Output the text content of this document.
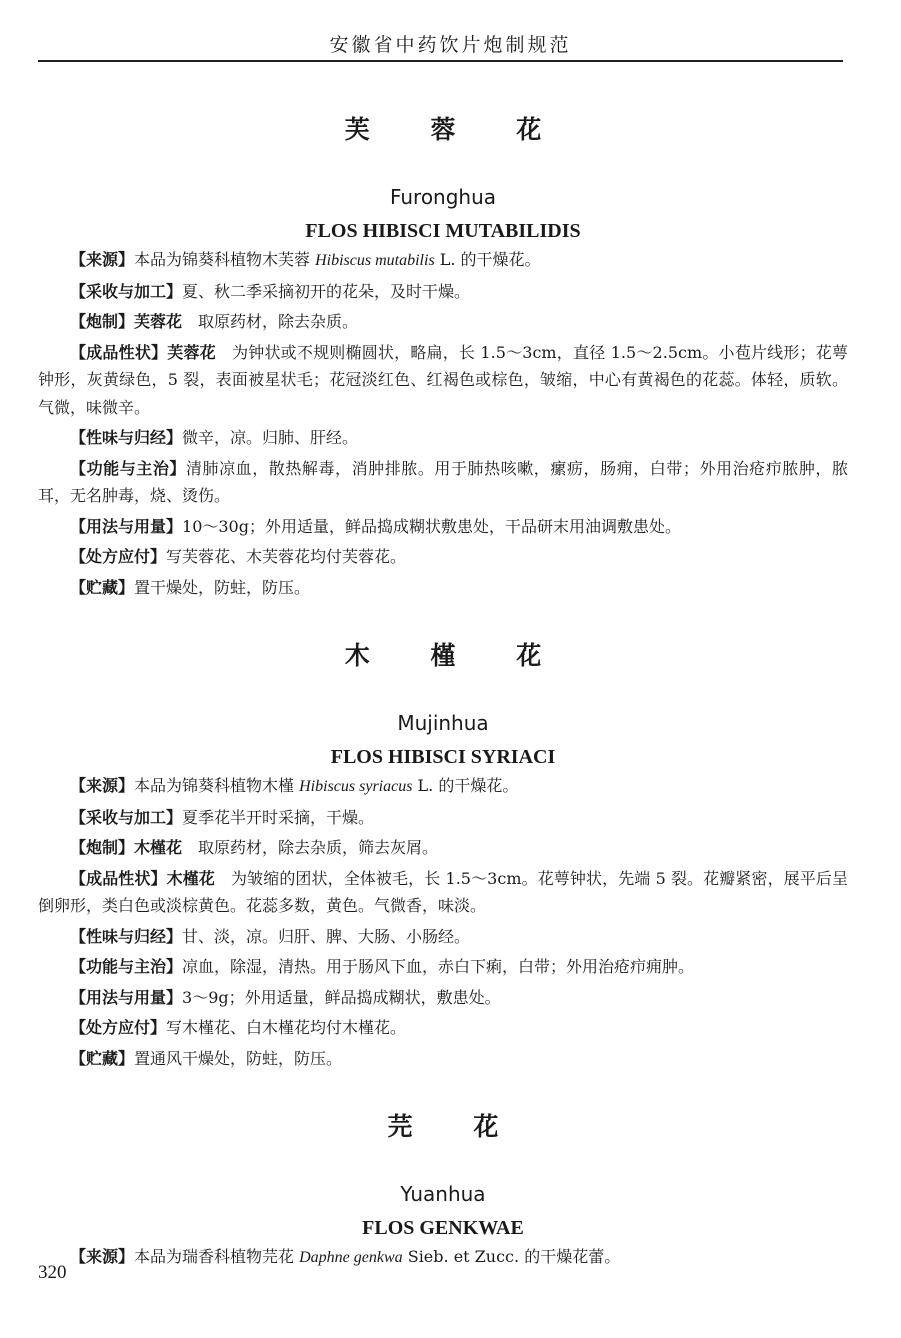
安徽省中药饮片炮制规范
芙 蓉 花
Furonghua
FLOS HIBISCI MUTABILIDIS
【来源】本品为锦葵科植物木芙蓉 Hibiscus mutabilis L. 的干燥花。
【采收与加工】夏、秋二季采摘初开的花朵，及时干燥。
【炮制】芙蓉花　取原药材，除去杂质。
【成品性状】芙蓉花　为钟状或不规则椭圆状，略扁，长 1.5～3cm，直径 1.5～2.5cm。小苞片线形；花萼钟形，灰黄绿色，5 裂，表面被星状毛；花冠淡红色、红褐色或棕色，皱缩，中心有黄褐色的花蕊。体轻，质软。气微，味微辛。
【性味与归经】微辛，凉。归肺、肝经。
【功能与主治】清肺凉血，散热解毒，消肿排脓。用于肺热咳嗽，瘰疬，肠痈，白带；外用治疮疖脓肿，脓耳，无名肿毒，烧、烫伤。
【用法与用量】10～30g；外用适量，鲜品捣成糊状敷患处，干品研末用油调敷患处。
【处方应付】写芙蓉花、木芙蓉花均付芙蓉花。
【贮藏】置干燥处，防蛀，防压。
木 槿 花
Mujinhua
FLOS HIBISCI SYRIACI
【来源】本品为锦葵科植物木槿 Hibiscus syriacus L. 的干燥花。
【采收与加工】夏季花半开时采摘，干燥。
【炮制】木槿花　取原药材，除去杂质，筛去灰屑。
【成品性状】木槿花　为皱缩的团状，全体被毛，长 1.5～3cm。花萼钟状，先端 5 裂。花瓣紧密，展平后呈倒卵形，类白色或淡棕黄色。花蕊多数，黄色。气微香，味淡。
【性味与归经】甘、淡，凉。归肝、脾、大肠、小肠经。
【功能与主治】凉血，除湿，清热。用于肠风下血，赤白下痢，白带；外用治疮疖痈肿。
【用法与用量】3～9g；外用适量，鲜品捣成糊状，敷患处。
【处方应付】写木槿花、白木槿花均付木槿花。
【贮藏】置通风干燥处，防蛀，防压。
芫 花
Yuanhua
FLOS GENKWAE
【来源】本品为瑞香科植物芫花 Daphne genkwa Sieb. et Zucc. 的干燥花蕾。
320
